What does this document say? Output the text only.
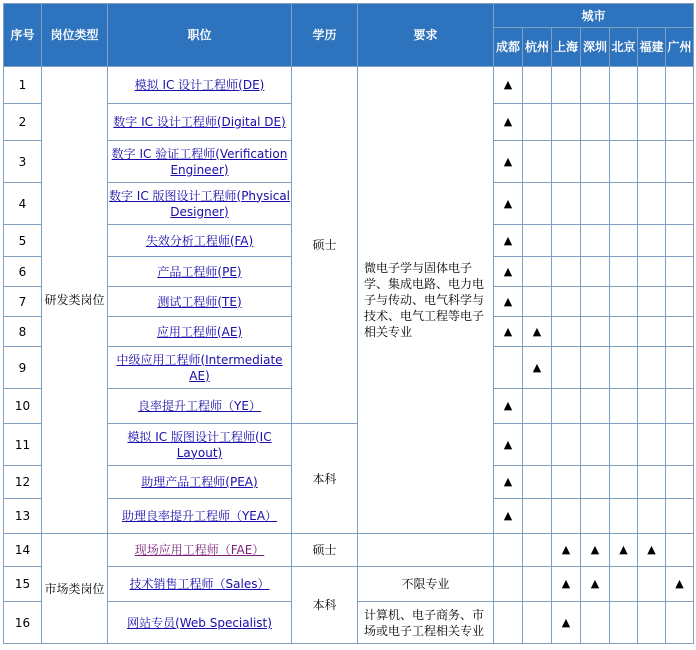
序号	岗位类型	职位	学历	要求	城市						
					成都	杭州	上海	深圳	北京	福建	广州
1	研发类岗位	模拟 IC 设计工程师(DE)	硕士	微电子学与固体电子学、集成电路、电力电子与传动、电气科学与技术、电气工程等电子相关专业	▲						
2		数字 IC 设计工程师(Digital DE)			▲						
3		数字 IC 验证工程师(Verification Engineer)			▲						
4		数字 IC 版图设计工程师(Physical Designer)			▲						
5		失效分析工程师(FA)			▲						
6		产品工程师(PE)			▲						
7		测试工程师(TE)			▲						
8		应用工程师(AE)			▲	▲					
9		中级应用工程师(Intermediate AE)				▲					
10		良率提升工程师（YE）			▲						
11		模拟 IC 版图设计工程师(IC Layout)	本科		▲						
12		助理产品工程师(PEA)			▲						
13		助理良率提升工程师（YEA）			▲						
14	市场类岗位	现场应用工程师（FAE）	硕士				▲	▲	▲	▲	
15		技术销售工程师（Sales）	本科	不限专业			▲	▲			▲
16		网站专员(Web Specialist)		计算机、电子商务、市场或电子工程相关专业			▲				
